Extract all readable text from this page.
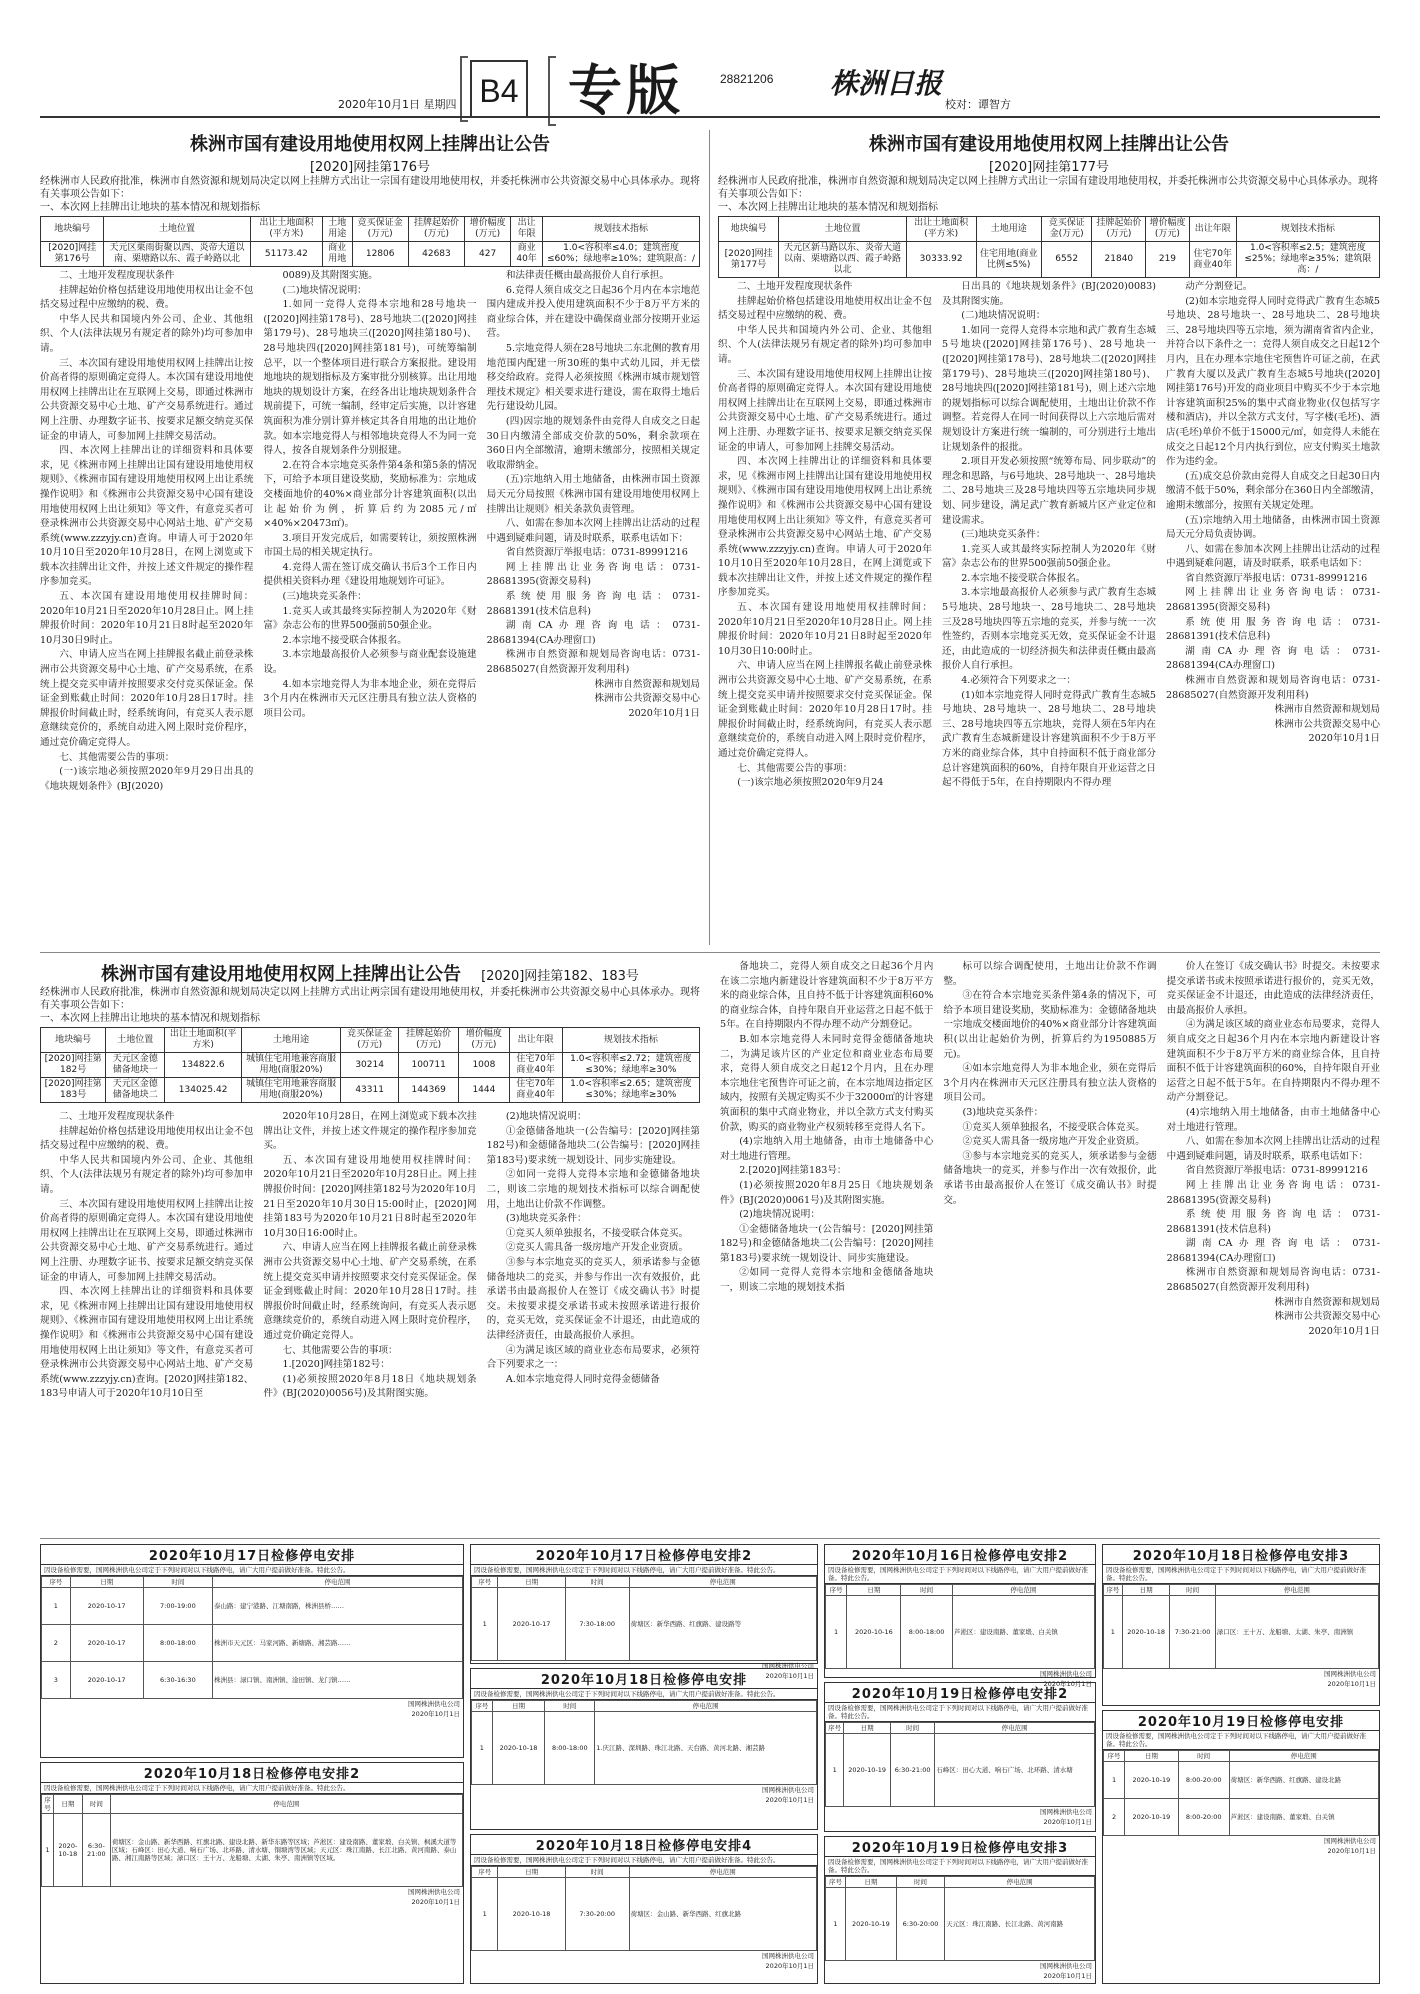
2020年10月1日 星期四 B4 专版	28821206 株洲日报
校对：谭智方
株洲市国有建设用地使用权网上挂牌出让公告
[2020]网挂第176号
经株洲市人民政府批准，株洲市自然资源和规划局决定以网上挂牌方式出让一宗国有建设用地使用权，并委托株洲市公共资源交易中心具体承办。现将有关事项公告如下：
一、本次网上挂牌出让地块的基本情况和规划指标
地块编号	土地位置	出让土地面积(平方米)	土地用途	竞买保证金(万元)	挂牌起始价(万元)	增价幅度(万元)	出让年限	规划技术指标
[2020]网挂第176号	天元区栗雨街聚以西、炎帝大道以南、栗塘路以东、霞子岭路以北	51173.42	商业用地	12806	42683	427	商业40年	1.0<容积率≤4.0；建筑密度≤60%；绿地率≥10%；建筑限高：/

二、土地开发程度现状条件

挂牌起始价格包括建设用地使用权出让金不包括交易过程中应缴纳的税、费。

中华人民共和国境内外公司、企业、其他组织、个人(法律法规另有规定者的除外)均可参加申请。

三、本次国有建设用地使用权网上挂牌出让按价高者得的原则确定竞得人。本次国有建设用地使用权网上挂牌出让在互联网上交易，即通过株洲市公共资源交易中心土地、矿产交易系统进行。通过网上注册、办理数字证书、按要求足额交纳竞买保证金的申请人，可参加网上挂牌交易活动。

四、本次网上挂牌出让的详细资料和具体要求，见《株洲市网上挂牌出让国有建设用地使用权规则》、《株洲市国有建设用地使用权网上出让系统操作说明》和《株洲市公共资源交易中心国有建设用地使用权网上出让须知》等文件，有意竞买者可登录株洲市公共资源交易中心网站土地、矿产交易系统(www.zzzyjy.cn)查询。申请人可于2020年10月10日至2020年10月28日，在网上浏览或下载本次挂牌出让文件，并按上述文件规定的操作程序参加竞买。

五、本次国有建设用地使用权挂牌时间：2020年10月21日至2020年10月28日止。网上挂牌报价时间：2020年10月21日8时起至2020年10月30日9时止。

六、申请人应当在网上挂牌报名截止前登录株洲市公共资源交易中心土地、矿产交易系统，在系统上提交竞买申请并按照要求交付竞买保证金。保证金到账截止时间：2020年10月28日17时。挂牌报价时间截止时，经系统询问，有竞买人表示愿意继续竞价的，系统自动进入网上限时竞价程序，通过竞价确定竞得人。

七、其他需要公告的事项：

(一)该宗地必须按照2020年9月29日出具的《地块规划条件》(BJ(2020)

0089)及其附图实施。

(二)地块情况说明：

1.如同一竞得人竞得本宗地和28号地块一([2020]网挂第178号)、28号地块二([2020]网挂第179号)、28号地块三([2020]网挂第180号)、28号地块四([2020]网挂第181号)，可统筹编制总平，以一个整体项目进行联合方案报批。建设用地地块的规划指标及方案审批分别核算。出让用地地块的规划设计方案，在经各出让地块规划条件合规前提下，可统一编制，经审定后实施，以计容建筑面积为准分别计算并核定其各自用地的出让地价款。如本宗地竞得人与相邻地块竞得人不为同一竞得人，按各自规划条件分别报建。

2.在符合本宗地竞买条件第4条和第5条的情况下，可给予本项目建设奖励，奖励标准为：宗地成交楼面地价的40%×商业部分计容建筑面积(以出让起始价为例，折算后约为2085元/㎡×40%×20473㎡)。

3.项目开发完成后，如需要转让，须按照株洲市国土局的相关规定执行。

4.竞得人需在签订成交确认书后3个工作日内提供相关资料办理《建设用地规划许可证》。

(三)地块竞买条件：

1.竞买人或其最终实际控制人为2020年《财富》杂志公布的世界500强前50强企业。

2.本宗地不接受联合体报名。

3.本宗地最高报价人必须参与商业配套设施建设。

4.如本宗地竞得人为非本地企业，须在竞得后3个月内在株洲市天元区注册具有独立法人资格的项目公司。

和法律责任概由最高报价人自行承担。

6.竞得人须自成交之日起36个月内在本宗地范围内建成并投入使用建筑面积不少于8万平方米的商业综合体，并在建设中确保商业部分按期开业运营。

5.宗地竞得人须在28号地块二东北侧的教育用地范围内配建一所30班的集中式幼儿园，并无偿移交给政府。竞得人必须按照《株洲市城市规划管理技术规定》相关要求进行建设，需在取得土地后先行建设幼儿园。

(四)因宗地的规划条件由竞得人自成交之日起30日内缴清全部成交价款的50%，剩余款项在360日内全部缴清，逾期未缴部分，按照相关规定收取滞纳金。

(五)宗地纳入用土地储备，由株洲市国土资源局天元分局按照《株洲市国有建设用地使用权网上挂牌出让规则》相关条款负责管理。

八、如需在参加本次网上挂牌出让活动的过程中遇到疑难问题，请及时联系，联系电话如下：

省自然资源厅举报电话：0731-89991216

网上挂牌出让业务咨询电话：0731-28681395(资源交易科)

系统使用服务咨询电话：0731-28681391(技术信息科)

湖南CA办理咨询电话：0731-28681394(CA办理窗口)

株洲市自然资源和规划局咨询电话：0731-28685027(自然资源开发利用科)

株洲市自然资源和规划局

株洲市公共资源交易中心

2020年10月1日

株洲市国有建设用地使用权网上挂牌出让公告
[2020]网挂第177号
经株洲市人民政府批准，株洲市自然资源和规划局决定以网上挂牌方式出让一宗国有建设用地使用权，并委托株洲市公共资源交易中心具体承办。现将有关事项公告如下：
一、本次网上挂牌出让地块的基本情况和规划指标
地块编号	土地位置	出让土地面积(平方米)	土地用途	竞买保证金(万元)	挂牌起始价(万元)	增价幅度(万元)	出让年限	规划技术指标
[2020]网挂第177号	天元区新马路以东、炎帝大道以南、栗塘路以西、霞子岭路以北	30333.92	住宅用地(商业比例≤5%)	6552	21840	219	住宅70年商业40年	1.0<容积率≤2.5；建筑密度≤25%；绿地率≥35%；建筑限高：/

二、土地开发程度现状条件

挂牌起始价格包括建设用地使用权出让金不包括交易过程中应缴纳的税、费。

中华人民共和国境内外公司、企业、其他组织、个人(法律法规另有规定者的除外)均可参加申请。

三、本次国有建设用地使用权网上挂牌出让按价高者得的原则确定竞得人。本次国有建设用地使用权网上挂牌出让在互联网上交易，即通过株洲市公共资源交易中心土地、矿产交易系统进行。通过网上注册、办理数字证书、按要求足额交纳竞买保证金的申请人，可参加网上挂牌交易活动。

四、本次网上挂牌出让的详细资料和具体要求，见《株洲市网上挂牌出让国有建设用地使用权规则》、《株洲市国有建设用地使用权网上出让系统操作说明》和《株洲市公共资源交易中心国有建设用地使用权网上出让须知》等文件，有意竞买者可登录株洲市公共资源交易中心网站土地、矿产交易系统(www.zzzyjy.cn)查询。申请人可于2020年10月10日至2020年10月28日，在网上浏览或下载本次挂牌出让文件，并按上述文件规定的操作程序参加竞买。

五、本次国有建设用地使用权挂牌时间：2020年10月21日至2020年10月28日止。网上挂牌报价时间：2020年10月21日8时起至2020年10月30日10:00时止。

六、申请人应当在网上挂牌报名截止前登录株洲市公共资源交易中心土地、矿产交易系统，在系统上提交竞买申请并按照要求交付竞买保证金。保证金到账截止时间：2020年10月28日17时。挂牌报价时间截止时，经系统询问，有竞买人表示愿意继续竞价的，系统自动进入网上限时竞价程序，通过竞价确定竞得人。

七、其他需要公告的事项：

(一)该宗地必须按照2020年9月24

日出具的《地块规划条件》(BJ(2020)0083)及其附图实施。

(二)地块情况说明：

1.如同一竞得人竞得本宗地和武广教育生态城5号地块([2020]网挂第176号)、28号地块一([2020]网挂第178号)、28号地块二([2020]网挂第179号)、28号地块三([2020]网挂第180号)、28号地块四([2020]网挂第181号)，则上述六宗地的规划指标可以综合调配使用，土地出让价款不作调整。若竞得人在同一时间获得以上六宗地后需对规划设计方案进行统一编制的，可分别进行土地出让规划条件的报批。

2.项目开发必须按照“统筹布局、同步联动”的理念和思路，与6号地块、28号地块一、28号地块二、28号地块三及28号地块四等五宗地块同步规划、同步建设，满足武广教育新城片区产业定位和建设需求。

(三)地块竞买条件：

1.竞买人或其最终实际控制人为2020年《财富》杂志公布的世界500强前50强企业。

2.本宗地不接受联合体报名。

3.本宗地最高报价人必须参与武广教育生态城5号地块、28号地块一、28号地块二、28号地块三及28号地块四等五宗地的竞买，并参与统一一次性签约，否则本宗地竞买无效，竞买保证金不计退还，由此造成的一切经济损失和法律责任概由最高报价人自行承担。

4.必须符合下列要求之一：

(1)如本宗地竞得人同时竞得武广教育生态城5号地块、28号地块一、28号地块二、28号地块三、28号地块四等五宗地块，竞得人须在5年内在武广教育生态城新建设计容建筑面积不少于8万平方米的商业综合体，其中自持面积不低于商业部分总计容建筑面积的60%，自持年限自开业运营之日起不得低于5年，在自持期限内不得办理

动产分割登记。

(2)如本宗地竞得人同时竞得武广教育生态城5号地块、28号地块一、28号地块二、28号地块三、28号地块四等五宗地，须为湖南省省内企业，并符合以下条件之一：竞得人须自成交之日起12个月内，且在办理本宗地住宅预售许可证之前，在武广教育大厦以及武广教育生态城5号地块([2020]网挂第176号)开发的商业项目中购买不少于本宗地计容建筑面积25%的集中式商业物业(仅包括写字楼和酒店)，并以全款方式支付，写字楼(毛坯)、酒店(毛坯)单价不低于15000元/㎡，如竞得人未能在成交之日起12个月内执行到位，应支付购买土地款作为违约金。

(五)成交总价款由竞得人自成交之日起30日内缴清不低于50%，剩余部分在360日内全部缴清，逾期未缴部分，按照有关规定处理。

(五)宗地纳入用土地储备，由株洲市国土资源局天元分局负责协调。

八、如需在参加本次网上挂牌出让活动的过程中遇到疑难问题，请及时联系，联系电话如下：

省自然资源厅举报电话：0731-89991216

网上挂牌出让业务咨询电话：0731-28681395(资源交易科)

系统使用服务咨询电话：0731-28681391(技术信息科)

湖南CA办理咨询电话：0731-28681394(CA办理窗口)

株洲市自然资源和规划局咨询电话：0731-28685027(自然资源开发利用科)

株洲市自然资源和规划局

株洲市公共资源交易中心

2020年10月1日

株洲市国有建设用地使用权网上挂牌出让公告 [2020]网挂第182、183号
经株洲市人民政府批准，株洲市自然资源和规划局决定以网上挂牌方式出让两宗国有建设用地使用权，并委托株洲市公共资源交易中心具体承办。现将有关事项公告如下：
一、本次网上挂牌出让地块的基本情况和规划指标
地块编号	土地位置	出让土地面积(平方米)	土地用途	竞买保证金(万元)	挂牌起始价(万元)	增价幅度(万元)	出让年限	规划技术指标
[2020]网挂第182号	天元区金德储备地块一	134822.6	城镇住宅用地兼容商服用地(商服20%)	30214	100711	1008	住宅70年商业40年	1.0<容积率≤2.72；建筑密度≤30%；绿地率≥30%
[2020]网挂第183号	天元区金德储备地块二	134025.42	城镇住宅用地兼容商服用地(商服20%)	43311	144369	1444	住宅70年商业40年	1.0<容积率≤2.65；建筑密度≤30%；绿地率≥30%

二、土地开发程度现状条件

挂牌起始价格包括建设用地使用权出让金不包括交易过程中应缴纳的税、费。

中华人民共和国境内外公司、企业、其他组织、个人(法律法规另有规定者的除外)均可参加申请。

三、本次国有建设用地使用权网上挂牌出让按价高者得的原则确定竞得人。本次国有建设用地使用权网上挂牌出让在互联网上交易，即通过株洲市公共资源交易中心土地、矿产交易系统进行。通过网上注册、办理数字证书、按要求足额交纳竞买保证金的申请人，可参加网上挂牌交易活动。

四、本次网上挂牌出让的详细资料和具体要求，见《株洲市网上挂牌出让国有建设用地使用权规则》、《株洲市国有建设用地使用权网上出让系统操作说明》和《株洲市公共资源交易中心国有建设用地使用权网上出让须知》等文件，有意竞买者可登录株洲市公共资源交易中心网站土地、矿产交易系统(www.zzzyjy.cn)查询。[2020]网挂第182、183号申请人可于2020年10月10日至

2020年10月28日，在网上浏览或下载本次挂牌出让文件，并按上述文件规定的操作程序参加竞买。

五、本次国有建设用地使用权挂牌时间：2020年10月21日至2020年10月28日止。网上挂牌报价时间：[2020]网挂第182号为2020年10月21日至2020年10月30日15:00时止，[2020]网挂第183号为2020年10月21日8时起至2020年10月30日16:00时止。

六、申请人应当在网上挂牌报名截止前登录株洲市公共资源交易中心土地、矿产交易系统，在系统上提交竞买申请并按照要求交付竞买保证金。保证金到账截止时间：2020年10月28日17时。挂牌报价时间截止时，经系统询问，有竞买人表示愿意继续竞价的，系统自动进入网上限时竞价程序，通过竞价确定竞得人。

七、其他需要公告的事项：

1.[2020]网挂第182号：

(1)必须按照2020年8月18日《地块规划条件》(BJ(2020)0056号)及其附图实施。

(2)地块情况说明：

①金德储备地块一(公告编号：[2020]网挂第182号)和金德储备地块二(公告编号：[2020]网挂第183号)要求统一规划设计、同步实施建设。

②如同一竞得人竞得本宗地和金德储备地块二，则该二宗地的规划技术指标可以综合调配使用，土地出让价款不作调整。

(3)地块竞买条件：

①竞买人须单独报名，不接受联合体竞买。

②竞买人需具备一级房地产开发企业资质。

③参与本宗地竞买的竞买人，须承诺参与金德储备地块二的竞买，并参与作出一次有效报价，此承诺书由最高报价人在签订《成交确认书》时提交。未按要求提交承诺书或未按照承诺进行报价的，竞买无效，竞买保证金不计退还，由此造成的法律经济责任，由最高报价人承担。

④为满足该区域的商业业态布局要求，必须符合下列要求之一：

A.如本宗地竞得人同时竞得金德储备

备地块二，竞得人须自成交之日起36个月内在该二宗地内新建设计容建筑面积不少于8万平方米的商业综合体，且自持不低于计容建筑面积60%的商业综合体，自持年限自开业运营之日起不低于5年。在自持期限内不得办理不动产分割登记。

B.如本宗地竞得人未同时竞得金德储备地块二，为满足该片区的产业定位和商业业态布局要求，竞得人须自成交之日起12个月内，且在办理本宗地住宅预售许可证之前，在本宗地周边指定区域内，按照有关规定购买不少于32000㎡的计容建筑面积的集中式商业物业，并以全款方式支付购买价款，购买的商业物业产权须转移至竞得人名下。

(4)宗地纳入用土地储备，由市土地储备中心对土地进行管理。

2.[2020]网挂第183号：

(1)必须按照2020年8月25日《地块规划条件》(BJ(2020)0061号)及其附图实施。

(2)地块情况说明：

①金德储备地块一(公告编号：[2020]网挂第182号)和金德储备地块二(公告编号：[2020]网挂第183号)要求统一规划设计、同步实施建设。

②如同一竞得人竞得本宗地和金德储备地块一，则该二宗地的规划技术指

标可以综合调配使用，土地出让价款不作调整。

③在符合本宗地竞买条件第4条的情况下，可给予本项目建设奖励，奖励标准为：金德储备地块一宗地成交楼面地价的40%×商业部分计容建筑面积(以出让起始价为例，折算后约为1950885万元)。

④如本宗地竞得人为非本地企业，须在竞得后3个月内在株洲市天元区注册具有独立法人资格的项目公司。

(3)地块竞买条件：

①竞买人须单独报名，不接受联合体竞买。

②竞买人需具备一级房地产开发企业资质。

③参与本宗地竞买的竞买人，须承诺参与金德储备地块一的竞买，并参与作出一次有效报价，此承诺书由最高报价人在签订《成交确认书》时提交。

价人在签订《成交确认书》时提交。未按要求提交承诺书或未按照承诺进行报价的，竞买无效，竞买保证金不计退还，由此造成的法律经济责任，由最高报价人承担。

④为满足该区域的商业业态布局要求，竞得人须自成交之日起36个月内在本宗地内新建设计容建筑面积不少于8万平方米的商业综合体，且自持面积不低于计容建筑面积的60%，自持年限自开业运营之日起不低于5年。在自持期限内不得办理不动产分割登记。

(4)宗地纳入用土地储备，由市土地储备中心对土地进行管理。

八、如需在参加本次网上挂牌出让活动的过程中遇到疑难问题，请及时联系，联系电话如下：

省自然资源厅举报电话：0731-89991216

网上挂牌出让业务咨询电话：0731-28681395(资源交易科)

系统使用服务咨询电话：0731-28681391(技术信息科)

湖南CA办理咨询电话：0731-28681394(CA办理窗口)

株洲市自然资源和规划局咨询电话：0731-28685027(自然资源开发利用科)

株洲市自然资源和规划局

株洲市公共资源交易中心

2020年10月1日

2020年10月17日检修停电安排
因设备检修需要，国网株洲供电公司定于下列时间对以下线路停电，请广大用户提前做好准备。特此公告。
序号	日期	时间	停电范围
1	2020-10-17	7:00-19:00	泰山路：建宁港路、江塘南路，株洲县桥……
2	2020-10-17	8:00-18:00	株洲市天元区：马家河路、新塘路、湘芸路……
3	2020-10-17	6:30-16:30	株洲县：渌口镇、南洲镇、淦田镇、龙门镇……
国网株洲供电公司
2020年10月1日
2020年10月18日检修停电安排2
因设备检修需要，国网株洲供电公司定于下列时间对以下线路停电，请广大用户提前做好准备。特此公告。
序号	日期	时间	停电范围
1	2020-10-18	6:30-21:00	荷塘区：金山路、新华西路、红旗北路、建设北路、新华东路等区域；芦淞区：建设南路、董家塅、白关镇、枫溪大道等区域；石峰区：田心大道、响石广场、北环路、清水塘、铜塘湾等区域；天元区：珠江南路、长江北路、黄河南路、泰山路、湘江南路等区域；渌口区：王十万、龙船塘、太湖、朱亭、南洲镇等区域。
国网株洲供电公司
2020年10月1日
2020年10月17日检修停电安排2
因设备检修需要，国网株洲供电公司定于下列时间对以下线路停电，请广大用户提前做好准备。特此公告。
序号	日期	时间	停电范围
1	2020-10-17	7:30-18:00	荷塘区：新华西路、红旗路、建设路等
国网株洲供电公司
2020年10月1日
2020年10月18日检修停电安排
因设备检修需要，国网株洲供电公司定于下列时间对以下线路停电，请广大用户提前做好准备。特此公告。
序号	日期	时间	停电范围
1	2020-10-18	8:00-18:00	1.庆江路、深圳路、珠江北路、天台路、黄河北路、湘芸路
国网株洲供电公司
2020年10月1日
2020年10月18日检修停电安排4
因设备检修需要，国网株洲供电公司定于下列时间对以下线路停电，请广大用户提前做好准备。特此公告。
序号	日期	时间	停电范围
1	2020-10-18	7:30-20:00	荷塘区：金山路、新华西路、红旗北路
国网株洲供电公司
2020年10月1日
2020年10月16日检修停电安排2
因设备检修需要，国网株洲供电公司定于下列时间对以下线路停电，请广大用户提前做好准备。特此公告。
序号	日期	时间	停电范围
1	2020-10-16	8:00-18:00	芦淞区：建设南路、董家塅、白关镇
国网株洲供电公司
2020年10月1日
2020年10月19日检修停电安排2
因设备检修需要，国网株洲供电公司定于下列时间对以下线路停电，请广大用户提前做好准备。特此公告。
序号	日期	时间	停电范围
1	2020-10-19	6:30-21:00	石峰区：田心大道、响石广场、北环路、清水塘
国网株洲供电公司
2020年10月1日
2020年10月19日检修停电安排3
因设备检修需要，国网株洲供电公司定于下列时间对以下线路停电，请广大用户提前做好准备。特此公告。
序号	日期	时间	停电范围
1	2020-10-19	6:30-20:00	天元区：珠江南路、长江北路、黄河南路
国网株洲供电公司
2020年10月1日
2020年10月18日检修停电安排3
因设备检修需要，国网株洲供电公司定于下列时间对以下线路停电，请广大用户提前做好准备。特此公告。
序号	日期	时间	停电范围
1	2020-10-18	7:30-21:00	渌口区：王十万、龙船塘、太湖、朱亭、南洲镇
国网株洲供电公司
2020年10月1日
2020年10月19日检修停电安排
因设备检修需要，国网株洲供电公司定于下列时间对以下线路停电，请广大用户提前做好准备。特此公告。
序号	日期	时间	停电范围
1	2020-10-19	8:00-20:00	荷塘区：新华西路、红旗路、建设北路
2	2020-10-19	8:00-20:00	芦淞区：建设南路、董家塅、白关镇
国网株洲供电公司
2020年10月1日
